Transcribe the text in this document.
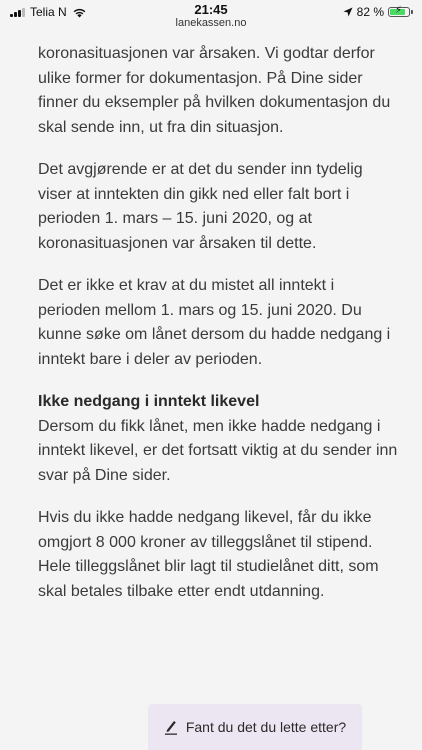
Telia N	21:45
lanekassen.no
82 % ⚡

koronasituasjonen var årsaken. Vi godtar derfor ulike former for dokumentasjon. På Dine sider finner du eksempler på hvilken dokumentasjon du skal sende inn, ut fra din situasjon.

Det avgjørende er at det du sender inn tydelig viser at inntekten din gikk ned eller falt bort i perioden 1. mars – 15. juni 2020, og at koronasituasjonen var årsaken til dette.

Det er ikke et krav at du mistet all inntekt i perioden mellom 1. mars og 15. juni 2020. Du kunne søke om lånet dersom du hadde nedgang i inntekt bare i deler av perioden.

Ikke nedgang i inntekt likevel

Dersom du fikk lånet, men ikke hadde nedgang i inntekt likevel, er det fortsatt viktig at du sender inn svar på Dine sider.

Hvis du ikke hadde nedgang likevel, får du ikke omgjort 8 000 kroner av tilleggslånet til stipend. Hele tilleggslånet blir lagt til studielånet ditt, som skal betales tilbake etter endt utdanning.

Fant du det du lette etter?
